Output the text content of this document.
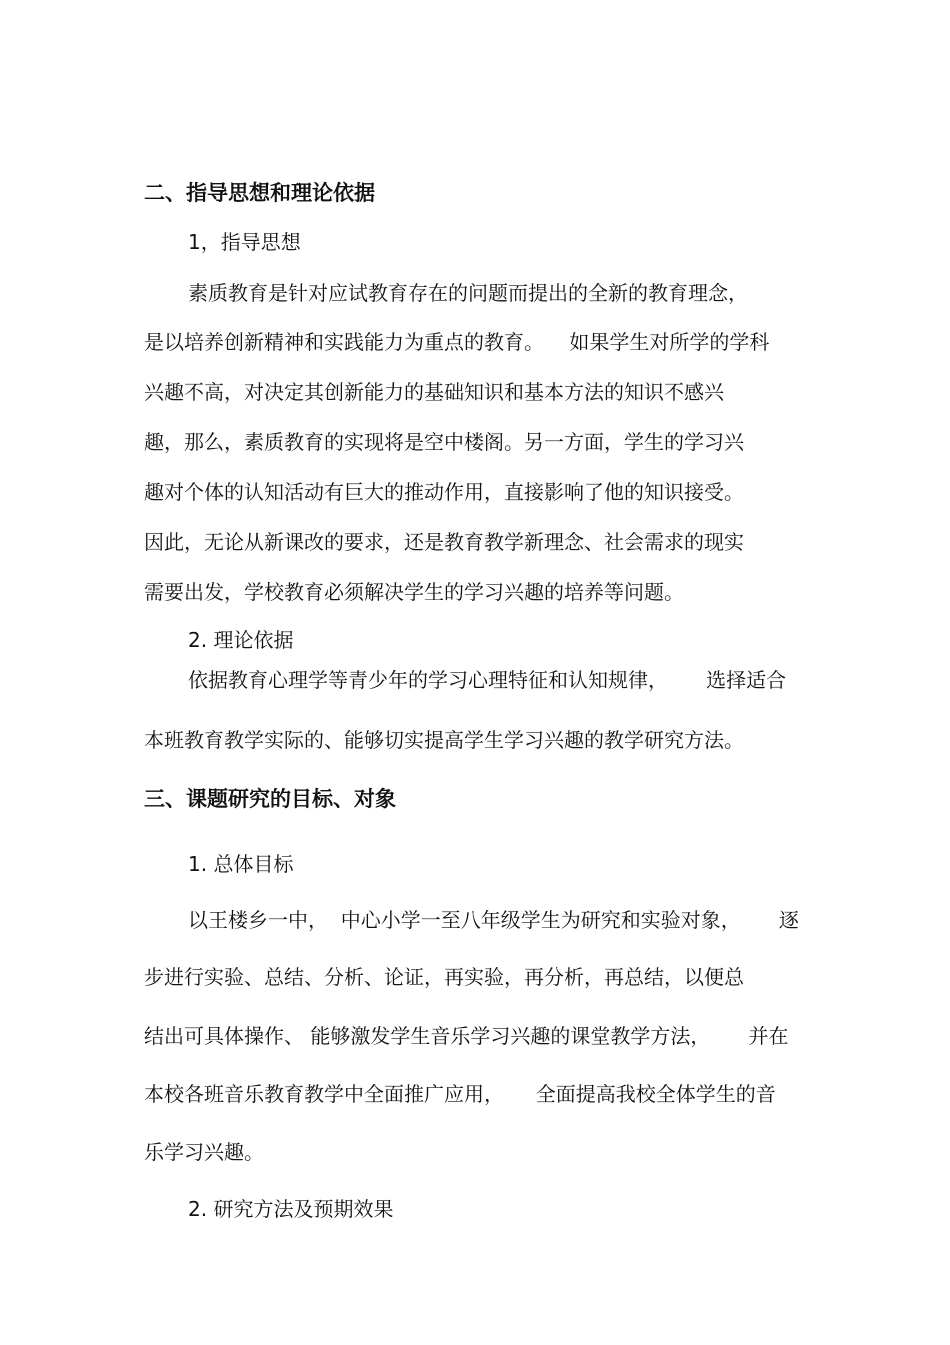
二、指导思想和理论依据
1，指导思想

素质教育是针对应试教育存在的问题而提出的全新的教育理念，

是以培养创新精神和实践能力为重点的教育。    如果学生对所学的学科

兴趣不高，对决定其创新能力的基础知识和基本方法的知识不感兴

趣，那么，素质教育的实现将是空中楼阁。另一方面，学生的学习兴

趣对个体的认知活动有巨大的推动作用，直接影响了他的知识接受。

因此，无论从新课改的要求，还是教育教学新理念、社会需求的现实

需要出发，学校教育必须解决学生的学习兴趣的培养等问题。

2. 理论依据

依据教育心理学等青少年的学习心理特征和认知规律，      选择适合

本班教育教学实际的、能够切实提高学生学习兴趣的教学研究方法。

三、课题研究的目标、对象
1. 总体目标

以王楼乡一中，  中心小学一至八年级学生为研究和实验对象，      逐

步进行实验、总结、分析、论证，再实验，再分析，再总结，以便总

结出可具体操作、 能够激发学生音乐学习兴趣的课堂教学方法，      并在

本校各班音乐教育教学中全面推广应用，     全面提高我校全体学生的音

乐学习兴趣。

2. 研究方法及预期效果
